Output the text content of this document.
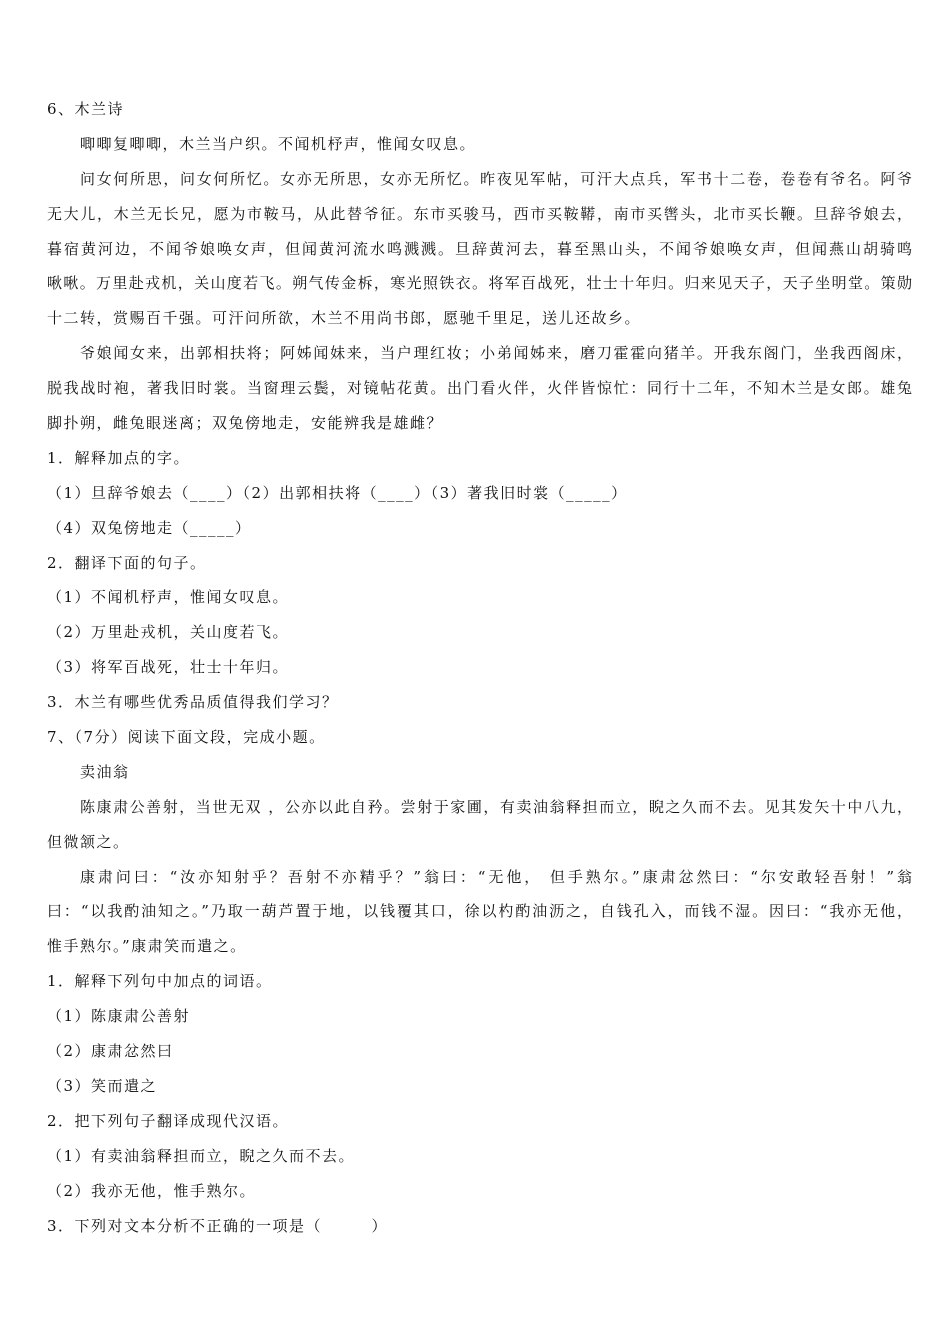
6、木兰诗
唧唧复唧唧，木兰当户织。不闻机杼声，惟闻女叹息。
问女何所思，问女何所忆。女亦无所思，女亦无所忆。昨夜见军帖，可汗大点兵，军书十二卷，卷卷有爷名。阿爷
无大儿，木兰无长兄，愿为市鞍马，从此替爷征。东市买骏马，西市买鞍鞯，南市买辔头，北市买长鞭。旦辞爷娘去，
暮宿黄河边，不闻爷娘唤女声，但闻黄河流水鸣溅溅。旦辞黄河去，暮至黑山头，不闻爷娘唤女声，但闻燕山胡骑鸣
啾啾。万里赴戎机，关山度若飞。朔气传金柝，寒光照铁衣。将军百战死，壮士十年归。归来见天子，天子坐明堂。策勋
十二转，赏赐百千强。可汗问所欲，木兰不用尚书郎，愿驰千里足，送儿还故乡。
爷娘闻女来，出郭相扶将；阿姊闻妹来，当户理红妆；小弟闻姊来，磨刀霍霍向猪羊。开我东阁门，坐我西阁床，
脱我战时袍，著我旧时裳。当窗理云鬓，对镜帖花黄。出门看火伴，火伴皆惊忙：同行十二年，不知木兰是女郎。雄兔
脚扑朔，雌兔眼迷离；双兔傍地走，安能辨我是雄雌？
1．解释加点的字。
（1）旦辞爷娘去（____）（2）出郭相扶将（____）（3）著我旧时裳（_____）
（4）双兔傍地走（_____）
2．翻译下面的句子。
（1）不闻机杼声，惟闻女叹息。
（2）万里赴戎机，关山度若飞。
（3）将军百战死，壮士十年归。
3．木兰有哪些优秀品质值得我们学习？
7、（7分）阅读下面文段，完成小题。
卖油翁
陈康肃公善射，当世无双 ，公亦以此自矜。尝射于家圃，有卖油翁释担而立，睨之久而不去。见其发矢十中八九，
但微颔之。
康肃问曰：“汝亦知射乎？吾射不亦精乎？”翁曰：“无他， 但手熟尔。”康肃忿然曰：“尔安敢轻吾射！”翁
曰：“以我酌油知之。”乃取一葫芦置于地，以钱覆其口，徐以杓酌油沥之，自钱孔入，而钱不湿。因曰：“我亦无他，
惟手熟尔。”康肃笑而遣之。
1．解释下列句中加点的词语。
（1）陈康肃公善射
（2）康肃忿然曰
（3）笑而遣之
2．把下列句子翻译成现代汉语。
（1）有卖油翁释担而立，睨之久而不去。
（2）我亦无他，惟手熟尔。
3．下列对文本分析不正确的一项是（　　　）
